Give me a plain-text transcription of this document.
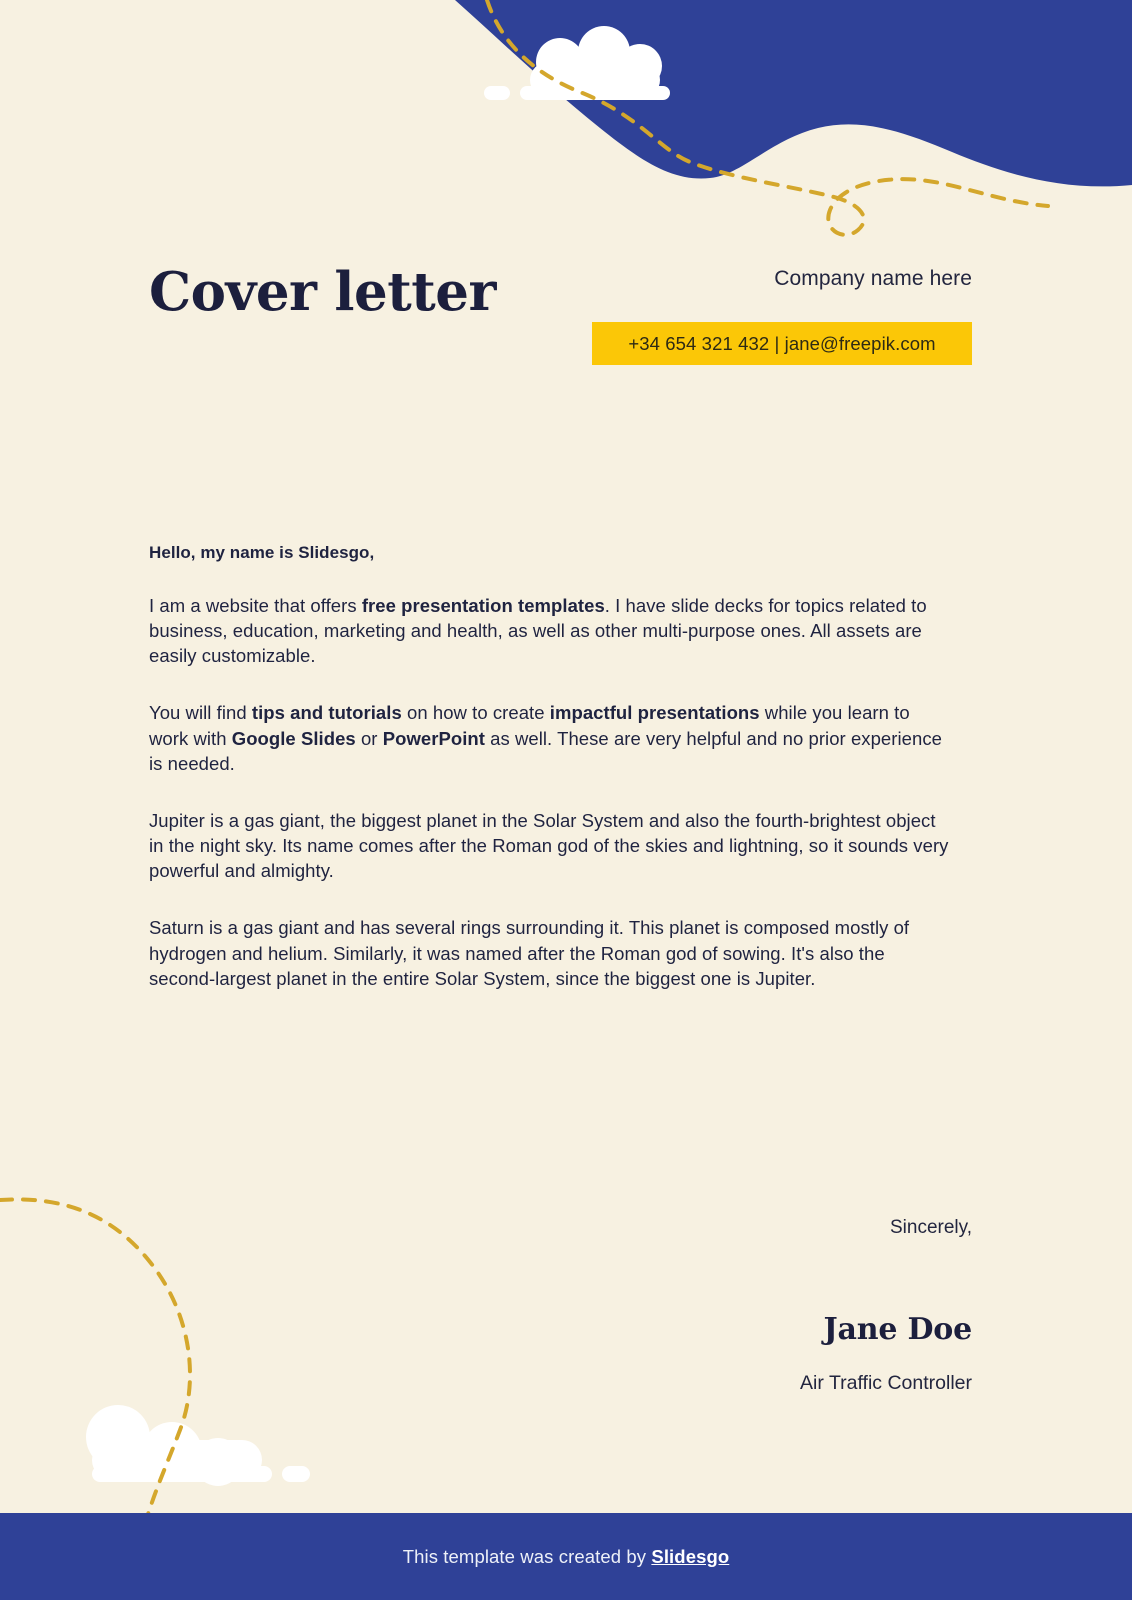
Cover letter	Company name here
+34 654 321 432 | jane@freepik.com

Hello, my name is Slidesgo,

I am a website that offers free presentation templates. I have slide decks for topics related to business, education, marketing and health, as well as other multi-purpose ones. All assets are easily customizable.

You will find tips and tutorials on how to create impactful presentations while you learn to work with Google Slides or PowerPoint as well. These are very helpful and no prior experience is needed.

Jupiter is a gas giant, the biggest planet in the Solar System and also the fourth-brightest object in the night sky. Its name comes after the Roman god of the skies and lightning, so it sounds very powerful and almighty.

Saturn is a gas giant and has several rings surrounding it. This planet is composed mostly of hydrogen and helium. Similarly, it was named after the Roman god of sowing. It's also the second-largest planet in the entire Solar System, since the biggest one is Jupiter.

Sincerely,
Jane Doe
Air Traffic Controller
This template was created by Slidesgo
